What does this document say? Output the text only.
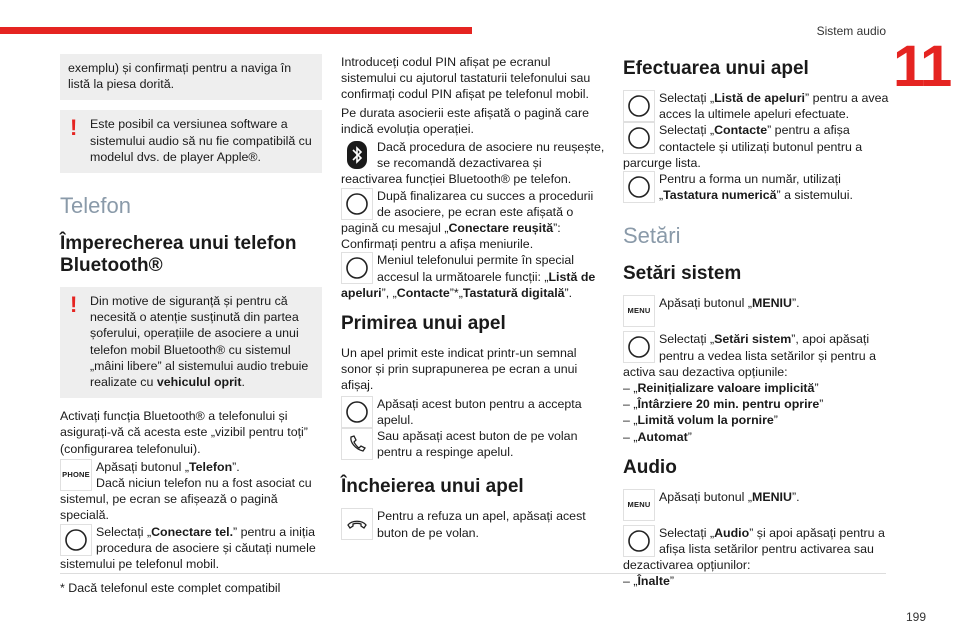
Sistem audio
11
exemplu) și confirmați pentru a naviga în listă la piesa dorită.
! Este posibil ca versiunea software a sistemului audio să nu fie compatibilă cu modelul dvs. de player Apple®.
Telefon
Împerecherea unui telefon Bluetooth®
! Din motive de siguranță și pentru că necesită o atenție susținută din partea șoferului, operațiile de asociere a unui telefon mobil Bluetooth® cu sistemul „mâini libere” al sistemului audio trebuie realizate cu vehiculul oprit.

Activați funcția Bluetooth® a telefonului și asigurați-vă că acesta este „vizibil pentru toți” (configurarea telefonului).

PHONE
Apăsați butonul „Telefon”.
Dacă niciun telefon nu a fost asociat cu sistemul, pe ecran se afișează o pagină specială.
Selectați „Conectare tel.” pentru a iniția procedura de asociere și căutați numele sistemului pe telefonul mobil.

Introduceți codul PIN afișat pe ecranul sistemului cu ajutorul tastaturii telefonului sau confirmați codul PIN afișat pe telefonul mobil.

Pe durata asocierii este afișată o pagină care indică evoluția operației.

Dacă procedura de asociere nu reușește, se recomandă dezactivarea și reactivarea funcției Bluetooth® pe telefon.
După finalizarea cu succes a procedurii de asociere, pe ecran este afișată o pagină cu mesajul „Conectare reușită”:
Confirmați pentru a afișa meniurile.
Meniul telefonului permite în special accesul la următoarele funcții: „Listă de apeluri”, „Contacte”*„Tastatură digitală”.
Primirea unui apel

Un apel primit este indicat printr-un semnal sonor și prin suprapunerea pe ecran a unui afișaj.

Apăsați acest buton pentru a accepta apelul.
Sau apăsați acest buton de pe volan pentru a respinge apelul.
Încheierea unui apel
Pentru a refuza un apel, apăsați acest buton de pe volan.
Efectuarea unui apel
Selectați „Listă de apeluri” pentru a avea acces la ultimele apeluri efectuate.
Selectați „Contacte” pentru a afișa contactele și utilizați butonul pentru a parcurge lista.
Pentru a forma un număr, utilizați „Tastatura numerică” a sistemului.
Setări
Setări sistem
MENU
Apăsați butonul „MENIU”.
Selectați „Setări sistem”, apoi apăsați pentru a vedea lista setărilor și pentru a activa sau dezactiva opțiunile:
– „Reinițializare valoare implicită”
– „Întârziere 20 min. pentru oprire”
– „Limită volum la pornire”
– „Automat”
Audio
MENU
Apăsați butonul „MENIU”.
Selectați „Audio” și apoi apăsați pentru a afișa lista setărilor pentru activarea sau dezactivarea opțiunilor:
– „Înalte”
* Dacă telefonul este complet compatibil
199
